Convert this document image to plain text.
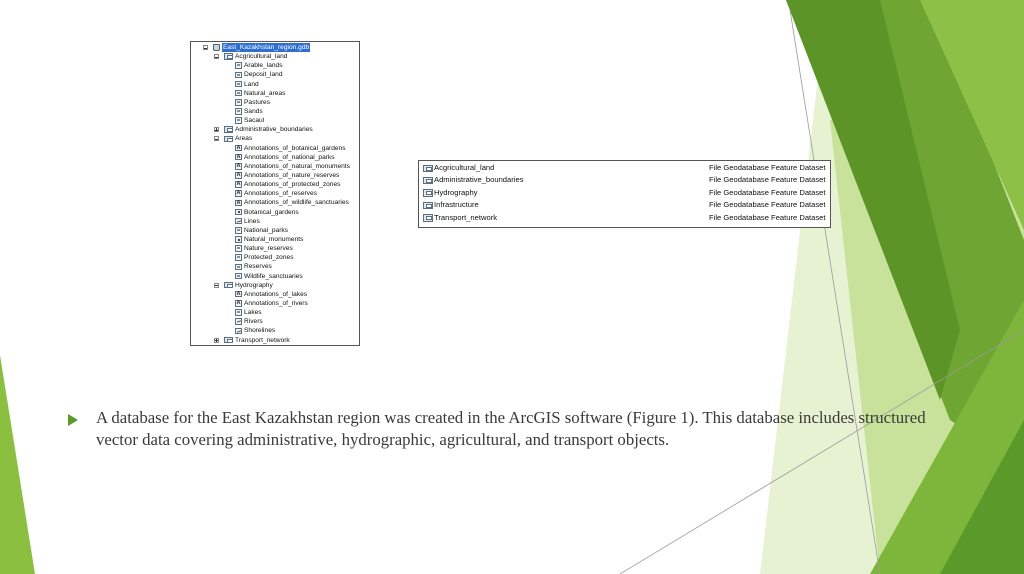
East_Kazakhstan_region.gdb
Acgricultural_land
Arable_lands
Deposit_land
Land
Natural_areas
Pastures
Sands
Sacaul
Administrative_boundaries
Areas
A
Annotations_of_botanical_gardens
A
Annotations_of_national_parks
A
Annotations_of_natural_monuments
A
Annotations_of_nature_reserves
A
Annotations_of_protected_zones
A
Annotations_of_reserves
A
Annotations_of_wildlife_sanctuaries
Botanical_gardens
Lines
National_parks
Natural_monuments
Nature_reserves
Protected_zones
Reserves
Wildlife_sanctuaries
Hydrography
A
Annotations_of_lakes
A
Annotations_of_rivers
Lakes
Rivers
Shorelines
Transport_network
Acgricultural_land	File Geodatabase Feature Dataset
Administrative_boundaries	File Geodatabase Feature Dataset
Hydrography	File Geodatabase Feature Dataset
Infrastructure	File Geodatabase Feature Dataset
Transport_network	File Geodatabase Feature Dataset

A database for the East Kazakhstan region was created in the ArcGIS software (Figure 1). This database includes structured vector data covering administrative, hydrographic, agricultural, and transport objects.
